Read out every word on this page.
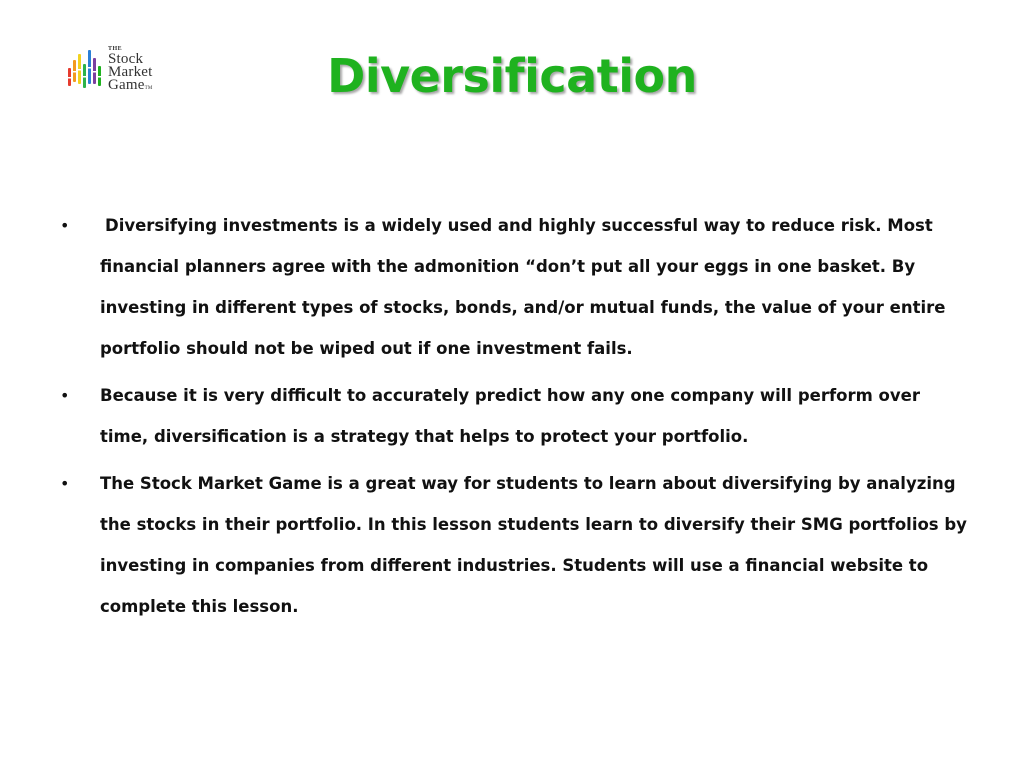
THE
Stock
Market
GameTM	Diversification
•	Diversifying investments is a widely used and highly successful way to reduce risk. Most financial planners agree with the admonition “don’t put all your eggs in one basket. By investing in different types of stocks, bonds, and/or mutual funds, the value of your entire portfolio should not be wiped out if one investment fails.
•	Because it is very difficult to accurately predict how any one company will perform over time, diversification is a strategy that helps to protect your portfolio.
•	The Stock Market Game is a great way for students to learn about diversifying by analyzing the stocks in their portfolio. In this lesson students learn to diversify their SMG portfolios by investing in companies from different industries. Students will use a financial website to complete this lesson.
